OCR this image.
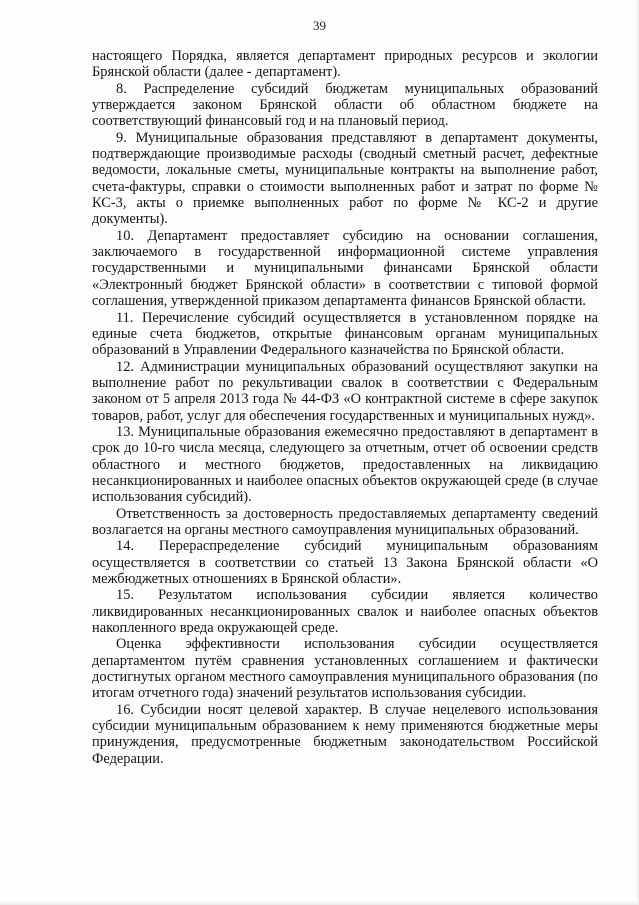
39

настоящего Порядка, является департамент природных ресурсов и экологии Брянской области (далее - департамент).

8. Распределение субсидий бюджетам муниципальных образований утверждается законом Брянской области об областном бюджете на соответствующий финансовый год и на плановый период.

9. Муниципальные образования представляют в департамент документы, подтверждающие производимые расходы (сводный сметный расчет, дефектные ведомости, локальные сметы, муниципальные контракты на выполнение работ, счета-фактуры, справки о стоимости выполненных работ и затрат по форме № КС-3, акты о приемке выполненных работ по форме № КС-2 и другие документы).

10. Департамент предоставляет субсидию на основании соглашения, заключаемого в государственной информационной системе управления государственными и муниципальными финансами Брянской области «Электронный бюджет Брянской области» в соответствии с типовой формой соглашения, утвержденной приказом департамента финансов Брянской области.

11. Перечисление субсидий осуществляется в установленном порядке на единые счета бюджетов, открытые финансовым органам муниципальных образований в Управлении Федерального казначейства по Брянской области.

12. Администрации муниципальных образований осуществляют закупки на выполнение работ по рекультивации свалок в соответствии с Федеральным законом от 5 апреля 2013 года № 44-ФЗ «О контрактной системе в сфере закупок товаров, работ, услуг для обеспечения государственных и муниципальных нужд».

13. Муниципальные образования ежемесячно предоставляют в департамент в срок до 10-го числа месяца, следующего за отчетным, отчет об освоении средств областного и местного бюджетов, предоставленных на ликвидацию несанкционированных и наиболее опасных объектов окружающей среде (в случае использования субсидий).

Ответственность за достоверность предоставляемых департаменту сведений возлагается на органы местного самоуправления муниципальных образований.

14. Перераспределение субсидий муниципальным образованиям осуществляется в соответствии со статьей 13 Закона Брянской области «О межбюджетных отношениях в Брянской области».

15. Результатом использования субсидии является количество ликвидированных несанкционированных свалок и наиболее опасных объектов накопленного вреда окружающей среде.

Оценка эффективности использования субсидии осуществляется департаментом путём сравнения установленных соглашением и фактически достигнутых органом местного самоуправления муниципального образования (по итогам отчетного года) значений результатов использования субсидии.

16. Субсидии носят целевой характер. В случае нецелевого использования субсидии муниципальным образованием к нему применяются бюджетные меры принуждения, предусмотренные бюджетным законодательством Российской Федерации.
